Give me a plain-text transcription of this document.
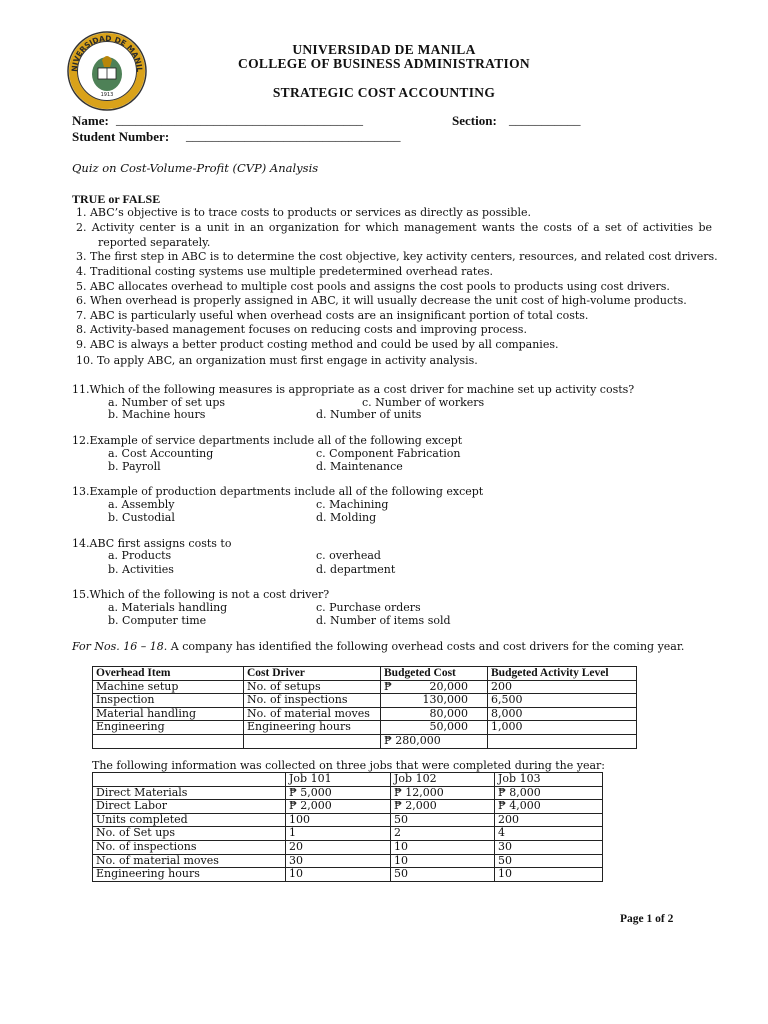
NIVERSIDAD DE MANIL
1913
UNIVERSIDAD DE MANILA
COLLEGE OF BUSINESS ADMINISTRATION
STRATEGIC COST ACCOUNTING
Name: ______________________________________	Section: ___________
Student Number: _________________________________
Quiz on Cost-Volume-Profit (CVP) Analysis
TRUE or FALSE
1. ABC’s objective is to trace costs to products or services as directly as possible.
2. Activity center is a unit in an organization for which management wants the costs of a set of activities be
reported separately.
3. The first step in ABC is to determine the cost objective, key activity centers, resources, and related cost drivers.
4. Traditional costing systems use multiple predetermined overhead rates.
5. ABC allocates overhead to multiple cost pools and assigns the cost pools to products using cost drivers.
6. When overhead is properly assigned in ABC, it will usually decrease the unit cost of high-volume products.
7. ABC is particularly useful when overhead costs are an insignificant portion of total costs.
8. Activity-based management focuses on reducing costs and improving process.
9. ABC is always a better product costing method and could be used by all companies.
10. To apply ABC, an organization must first engage in activity analysis.
11.Which of the following measures is appropriate as a cost driver for machine set up activity costs?
a. Number of set ups	c. Number of workers
b. Machine hours	d. Number of units
12.Example of service departments include all of the following except
a. Cost Accounting	c. Component Fabrication
b. Payroll	d. Maintenance
13.Example of production departments include all of the following except
a. Assembly	c. Machining
b. Custodial	d. Molding
14.ABC first assigns costs to
a. Products	c. overhead
b. Activities	d. department
15.Which of the following is not a cost driver?
a. Materials handling	c. Purchase orders
b. Computer time	d. Number of items sold
For Nos. 16 – 18. A company has identified the following overhead costs and cost drivers for the coming year.
Overhead Item	Cost Driver	Budgeted Cost	Budgeted Activity Level
Machine setup	No. of setups	₱ 20,000	200
Inspection	No. of inspections	130,000	6,500
Material handling	No. of material moves	80,000	8,000
Engineering	Engineering hours	50,000	1,000
		₱ 280,000	
The following information was collected on three jobs that were completed during the year:
	Job 101	Job 102	Job 103
Direct Materials	₱ 5,000	₱ 12,000	₱ 8,000
Direct Labor	₱ 2,000	₱ 2,000	₱ 4,000
Units completed	100	50	200
No. of Set ups	1	2	4
No. of inspections	20	10	30
No. of material moves	30	10	50
Engineering hours	10	50	10
Page 1 of 2
